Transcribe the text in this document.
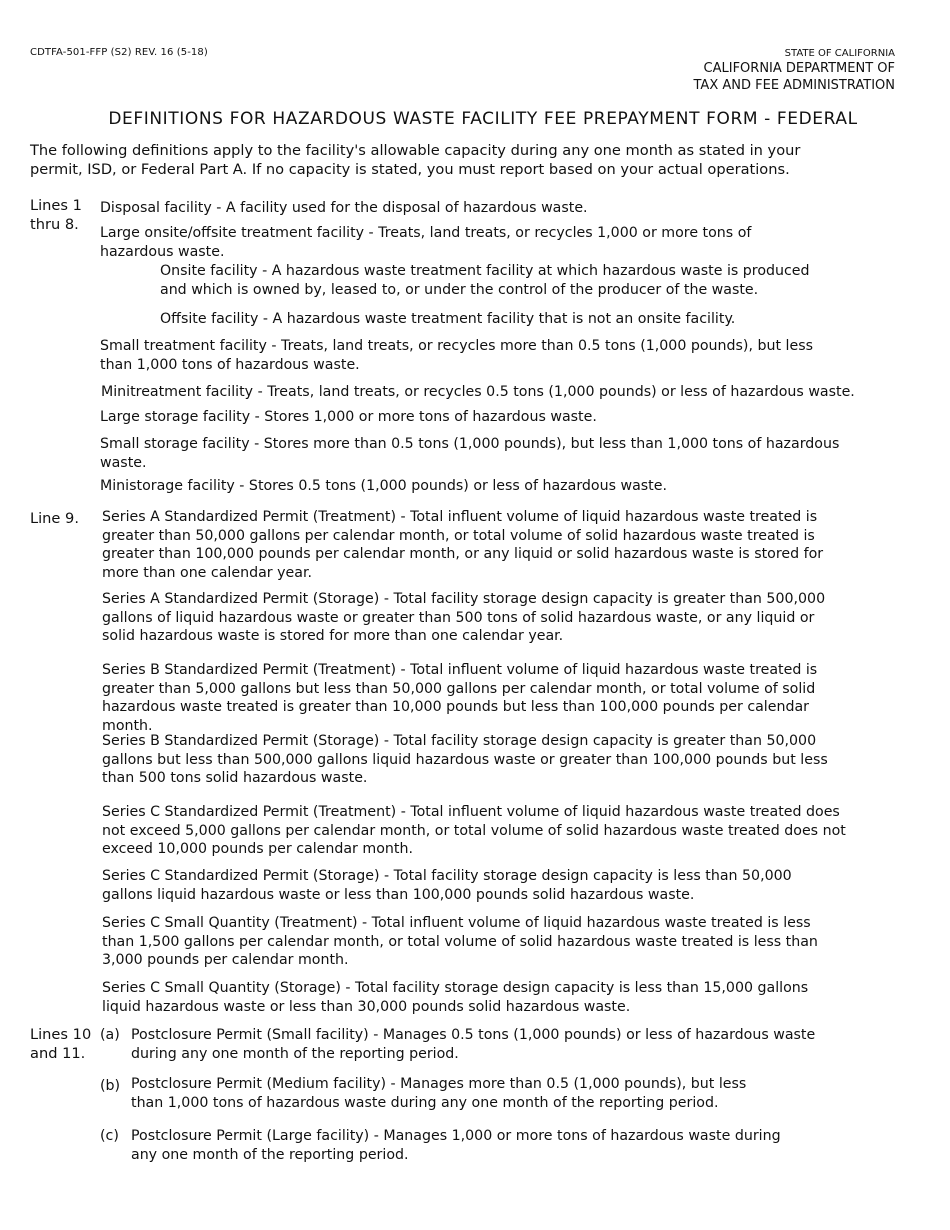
CDTFA-501-FFP (S2) REV. 16 (5-18)	STATE OF CALIFORNIA
CALIFORNIA DEPARTMENT OF
TAX AND FEE ADMINISTRATION
DEFINITIONS FOR HAZARDOUS WASTE FACILITY FEE PREPAYMENT FORM - FEDERAL
The following definitions apply to the facility's allowable capacity during any one month as stated in your permit, ISD, or Federal Part A. If no capacity is stated, you must report based on your actual operations.
Lines 1
thru 8.
Disposal facility - A facility used for the disposal of hazardous waste.
Large onsite/offsite treatment facility - Treats, land treats, or recycles 1,000 or more tons of hazardous waste.
Onsite facility - A hazardous waste treatment facility at which hazardous waste is produced and which is owned by, leased to, or under the control of the producer of the waste.
Offsite facility - A hazardous waste treatment facility that is not an onsite facility.
Small treatment facility - Treats, land treats, or recycles more than 0.5 tons (1,000 pounds), but less than 1,000 tons of hazardous waste.
Minitreatment facility - Treats, land treats, or recycles 0.5 tons (1,000 pounds) or less of hazardous waste.
Large storage facility - Stores 1,000 or more tons of hazardous waste.
Small storage facility - Stores more than 0.5 tons (1,000 pounds), but less than 1,000 tons of hazardous waste.
Ministorage facility - Stores 0.5 tons (1,000 pounds) or less of hazardous waste.
Line 9.	Series A Standardized Permit (Treatment) - Total influent volume of liquid hazardous waste treated is greater than 50,000 gallons per calendar month, or total volume of solid hazardous waste treated is greater than 100,000 pounds per calendar month, or any liquid or solid hazardous waste is stored for more than one calendar year.
Series A Standardized Permit (Storage) - Total facility storage design capacity is greater than 500,000 gallons of liquid hazardous waste or greater than 500 tons of solid hazardous waste, or any liquid or solid hazardous waste is stored for more than one calendar year.
Series B Standardized Permit (Treatment) - Total influent volume of liquid hazardous waste treated is greater than 5,000 gallons but less than 50,000 gallons per calendar month, or total volume of solid hazardous waste treated is greater than 10,000 pounds but less than 100,000 pounds per calendar month.
Series B Standardized Permit (Storage) - Total facility storage design capacity is greater than 50,000 gallons but less than 500,000 gallons liquid hazardous waste or greater than 100,000 pounds but less than 500 tons solid hazardous waste.
Series C Standardized Permit (Treatment) - Total influent volume of liquid hazardous waste treated does not exceed 5,000 gallons per calendar month, or total volume of solid hazardous waste treated does not exceed 10,000 pounds per calendar month.
Series C Standardized Permit (Storage) - Total facility storage design capacity is less than 50,000 gallons liquid hazardous waste or less than 100,000 pounds solid hazardous waste.
Series C Small Quantity (Treatment) - Total influent volume of liquid hazardous waste treated is less than 1,500 gallons per calendar month, or total volume of solid hazardous waste treated is less than 3,000 pounds per calendar month.
Series C Small Quantity (Storage) - Total facility storage design capacity is less than 15,000 gallons liquid hazardous waste or less than 30,000 pounds solid hazardous waste.
Lines 10
and 11.
(a) Postclosure Permit (Small facility) - Manages 0.5 tons (1,000 pounds) or less of hazardous waste during any one month of the reporting period.
(b) Postclosure Permit (Medium facility) - Manages more than 0.5 (1,000 pounds), but less than 1,000 tons of hazardous waste during any one month of the reporting period.
(c) Postclosure Permit (Large facility) - Manages 1,000 or more tons of hazardous waste during any one month of the reporting period.
